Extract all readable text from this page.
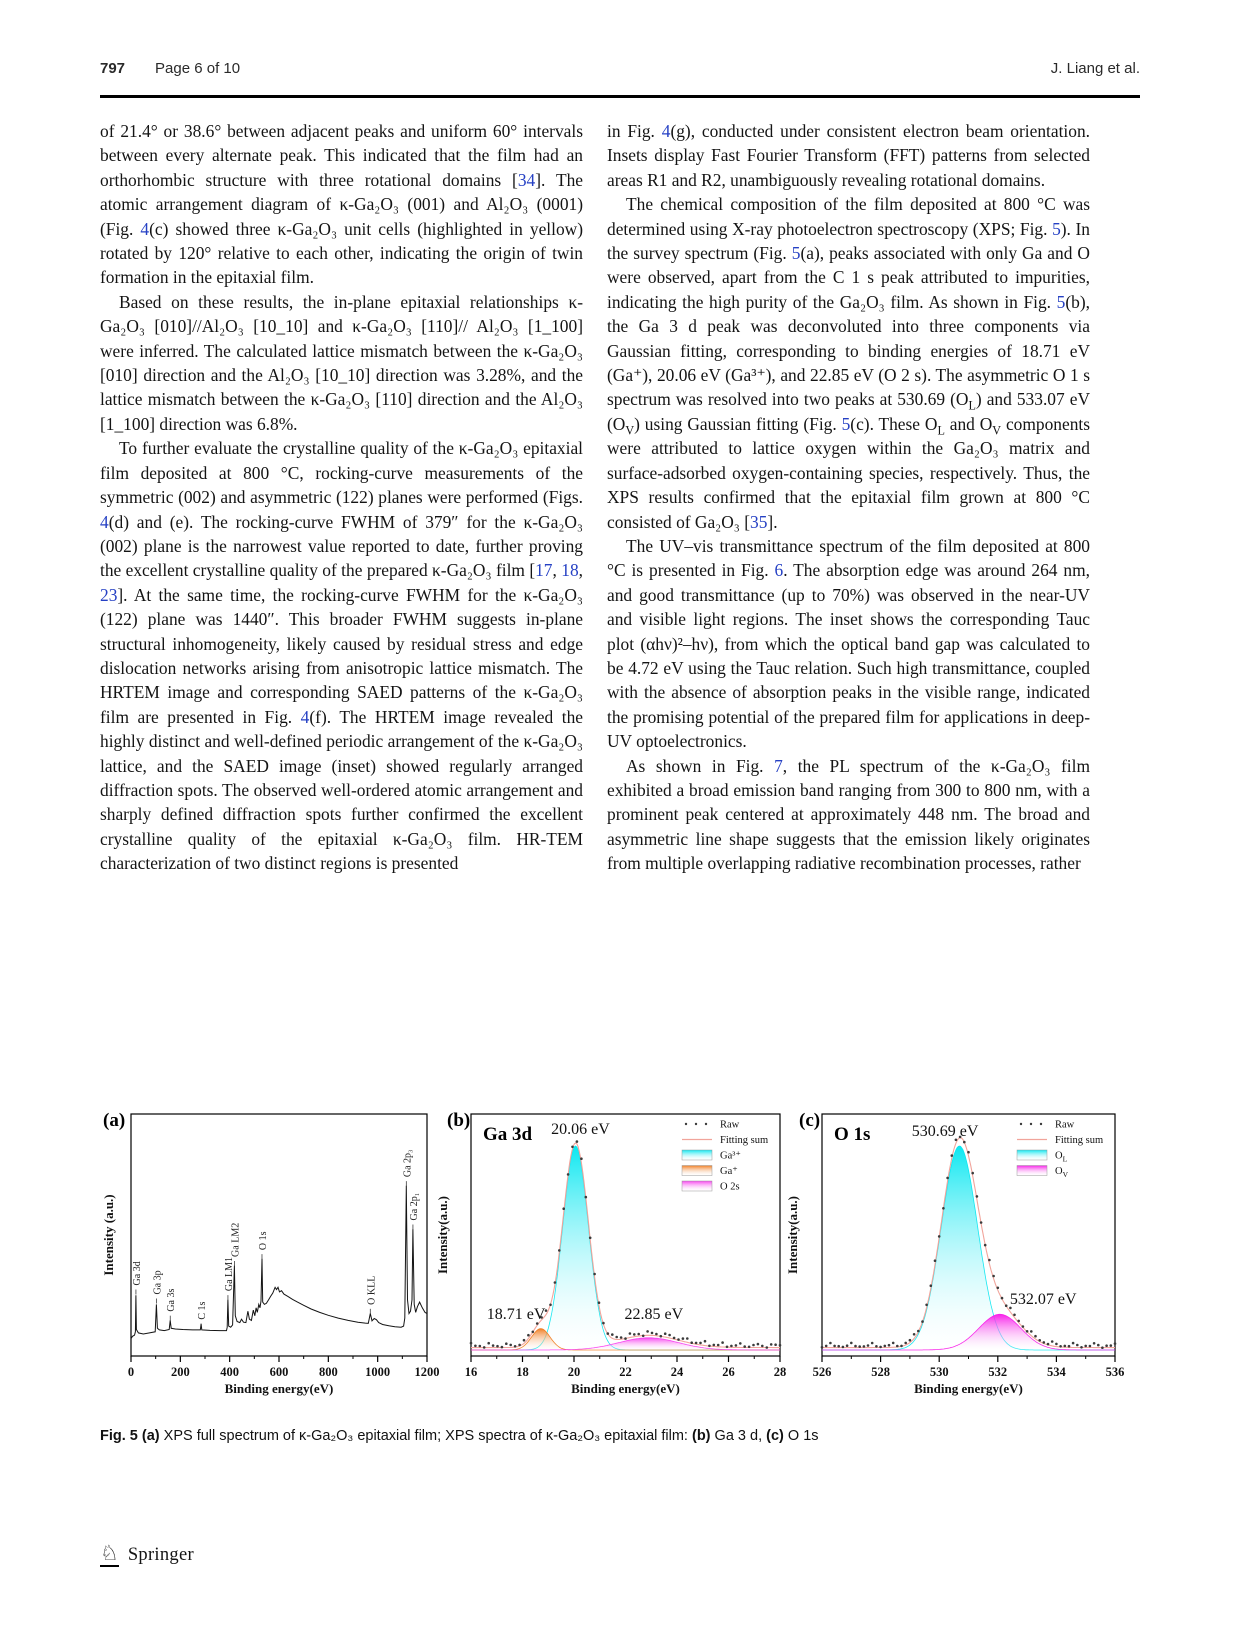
797 Page 6 of 10	J. Liang et al.

of 21.4° or 38.6° between adjacent peaks and uniform 60° intervals between every alternate peak. This indicated that the film had an orthorhombic structure with three rotational domains [34]. The atomic arrangement diagram of κ-Ga₂O₃ (001) and Al₂O₃ (0001) (Fig. 4(c) showed three κ-Ga₂O₃ unit cells (highlighted in yellow) rotated by 120° relative to each other, indicating the origin of twin formation in the epitaxial film.

Based on these results, the in-plane epitaxial relationships κ-Ga₂O₃ [010]//Al₂O₃ [10_10] and κ-Ga₂O₃ [110]// Al₂O₃ [1_100] were inferred. The calculated lattice mismatch between the κ-Ga₂O₃ [010] direction and the Al₂O₃ [10_10] direction was 3.28%, and the lattice mismatch between the κ-Ga₂O₃ [110] direction and the Al₂O₃ [1_100] direction was 6.8%.

To further evaluate the crystalline quality of the κ-Ga₂O₃ epitaxial film deposited at 800 °C, rocking-curve measurements of the symmetric (002) and asymmetric (122) planes were performed (Figs. 4(d) and (e). The rocking-curve FWHM of 379″ for the κ-Ga₂O₃ (002) plane is the narrowest value reported to date, further proving the excellent crystalline quality of the prepared κ-Ga₂O₃ film [17, 18, 23]. At the same time, the rocking-curve FWHM for the κ-Ga₂O₃ (122) plane was 1440″. This broader FWHM suggests in-plane structural inhomogeneity, likely caused by residual stress and edge dislocation networks arising from anisotropic lattice mismatch. The HRTEM image and corresponding SAED patterns of the κ-Ga₂O₃ film are presented in Fig. 4(f). The HRTEM image revealed the highly distinct and well-defined periodic arrangement of the κ-Ga₂O₃ lattice, and the SAED image (inset) showed regularly arranged diffraction spots. The observed well-ordered atomic arrangement and sharply defined diffraction spots further confirmed the excellent crystalline quality of the epitaxial κ-Ga₂O₃ film. HR-TEM characterization of two distinct regions is presented

in Fig. 4(g), conducted under consistent electron beam orientation. Insets display Fast Fourier Transform (FFT) patterns from selected areas R1 and R2, unambiguously revealing rotational domains.

The chemical composition of the film deposited at 800 °C was determined using X-ray photoelectron spectroscopy (XPS; Fig. 5). In the survey spectrum (Fig. 5(a), peaks associated with only Ga and O were observed, apart from the C 1 s peak attributed to impurities, indicating the high purity of the Ga₂O₃ film. As shown in Fig. 5(b), the Ga 3 d peak was deconvoluted into three components via Gaussian fitting, corresponding to binding energies of 18.71 eV (Ga⁺), 20.06 eV (Ga³⁺), and 22.85 eV (O 2 s). The asymmetric O 1 s spectrum was resolved into two peaks at 530.69 $(O_L)$ and 533.07 eV $(O_V)$ using Gaussian fitting (Fig. 5(c). These $O_L$ and $O_V$ components were attributed to lattice oxygen within the Ga₂O₃ matrix and surface-adsorbed oxygen-containing species, respectively. Thus, the XPS results confirmed that the epitaxial film grown at 800 °C consisted of Ga₂O₃ [35].

The UV–vis transmittance spectrum of the film deposited at 800 °C is presented in Fig. 6. The absorption edge was around 264 nm, and good transmittance (up to 70%) was observed in the near-UV and visible light regions. The inset shows the corresponding Tauc plot (αhν)²–hν), from which the optical band gap was calculated to be 4.72 eV using the Tauc relation. Such high transmittance, coupled with the absence of absorption peaks in the visible range, indicated the promising potential of the prepared film for applications in deep-UV optoelectronics.

As shown in Fig. 7, the PL spectrum of the κ-Ga₂O₃ film exhibited a broad emission band ranging from 300 to 800 nm, with a prominent peak centered at approximately 448 nm. The broad and asymmetric line shape suggests that the emission likely originates from multiple overlapping radiative recombination processes, rather

(a)	(b)	(c)
Ga 3d Ga 3p
Ga 3s C 1s
Ga LM1
Ga LM2 O 1s
O KLL
Ga 2p₃
Ga 2p₁
0	200 400 600 800 1000 1200
Binding energy(eV)
Intensity (a.u.)
16	18	20	22	24	26	28
Binding energy(eV)
Intensity(a.u.)
Ga 3d 20.06 eV
18.71 eV	22.85 eV
Raw
Fitting sum
Ga³⁺
Ga⁺
O 2s
526	528	530	532	534	536
Binding energy(eV)
Intensity(a.u.)
O 1s	530.69 eV
532.07 eV
Raw
Fitting sum
$O_L$
$O_V$
Fig. 5 (a) XPS full spectrum of κ-Ga₂O₃ epitaxial film; XPS spectra of κ-Ga₂O₃ epitaxial film: (b) Ga 3 d, (c) O 1s
♘ Springer
